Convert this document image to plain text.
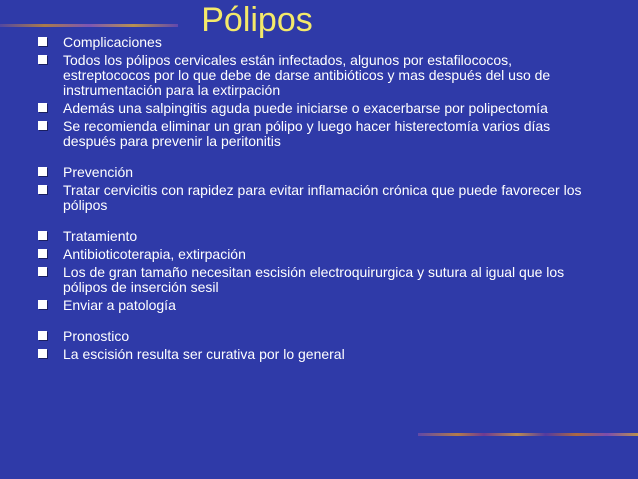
Pólipos
Complicaciones
Todos los pólipos cervicales están infectados, algunos por estafilococos, estreptococos por lo que debe de darse antibióticos y mas después del uso de instrumentación para la extirpación
Además una salpingitis aguda puede iniciarse o exacerbarse por polipectomía
Se recomienda eliminar un gran pólipo y luego hacer histerectomía varios días después para prevenir la peritonitis
Prevención
Tratar cervicitis con rapidez para evitar inflamación crónica que puede favorecer los pólipos
Tratamiento
Antibioticoterapia, extirpación
Los de gran tamaño necesitan escisión electroquirurgica y sutura al igual que los pólipos de inserción sesil
Enviar a patología
Pronostico
La escisión resulta ser curativa por lo general
